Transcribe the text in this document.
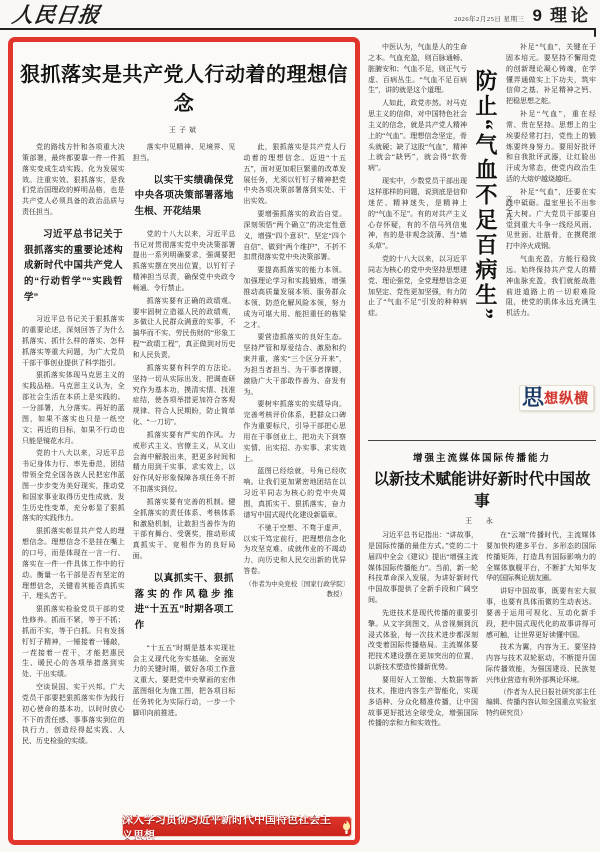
人民日报	2026年2月25日 星期三 9 理论
狠抓落实是共产党人行动着的理想信念
王子斌

党的路线方针和各项重大决策部署，最终都要靠一件一件抓落实变成生动实践、化为发展实效。注重实效、狠抓落实，是我们党治国理政的鲜明品格，也是共产党人必须具备的政治品质与责任担当。

习近平总书记关于狠抓落实的重要论述构成新时代中国共产党人的“行动哲学”“实践哲学”

习近平总书记关于狠抓落实的重要论述，深刻回答了为什么抓落实、抓什么样的落实、怎样抓落实等重大问题，为广大党员干部干事创业提供了科学指引。

狠抓落实体现马克思主义的实践品格。马克思主义认为，全部社会生活在本质上是实践的。一分部署，九分落实。再好的蓝图，如果不落实也只是一纸空文；再近的目标，如果不行动也只能是镜花水月。

党的十八大以来，习近平总书记身体力行、率先垂范，团结带领全党全国各族人民把宏伟蓝图一步步变为美好现实，推动党和国家事业取得历史性成就、发生历史性变革，充分彰显了狠抓落实的实践伟力。

狠抓落实彰显共产党人的理想信念。理想信念不是挂在嘴上的口号，而是体现在一言一行、落实在一件一件具体工作中的行动。衡量一名干部是否有坚定的理想信念，关键看其能否真抓实干、埋头苦干。

狠抓落实检验党员干部的党性修养。抓而不紧，等于不抓；抓而不实，等于白抓。只有发扬钉钉子精神，一锤接着一锤敲，一茬接着一茬干，才能把惠民生、暖民心的各项举措落到实处、干出实绩。

空谈误国、实干兴邦。广大党员干部要把狠抓落实作为践行初心使命的基本功，以时时放心不下的责任感、事事落实到位的执行力，创造经得起实践、人民、历史检验的实绩。

落实中见精神、见境界、见担当。

以实干实绩确保党中央各项决策部署落地生根、开花结果

党的十八大以来，习近平总书记对贯彻落实党中央决策部署提出一系列明确要求，强调要把抓落实摆在突出位置，以钉钉子精神担当尽责，确保党中央政令畅通、令行禁止。

抓落实要有正确的政绩观。要牢固树立造福人民的政绩观，多做让人民群众满意的实事，不搞华而不实、劳民伤财的“形象工程”“政绩工程”，真正做到对历史和人民负责。

抓落实要有科学的方法论。坚持一切从实际出发，把调查研究作为基本功，摸清实情、找准症结，使各项举措更加符合客观规律、符合人民期盼，防止简单化、“一刀切”。

抓落实要有严实的作风。力戒形式主义、官僚主义，从文山会海中解脱出来，把更多时间和精力用到干实事、求实效上，以好作风好形象保障各项任务不折不扣落实到位。

抓落实要有完善的机制。健全抓落实的责任体系、考核体系和激励机制，让敢担当善作为的干部有舞台、受褒奖，推动形成真抓实干、竞相作为的良好局面。

以真抓实干、狠抓落实的作风稳步推进“十五五”时期各项工作

“十五五”时期是基本实现社会主义现代化夯实基础、全面发力的关键时期，做好各项工作意义重大。要把党中央擘画的宏伟蓝图细化为施工图，把各项目标任务转化为实际行动，一步一个脚印向前推进。

此，狠抓落实是共产党人行动着的理想信念。迈进“十五五”，面对更加艰巨繁重的改革发展任务，尤须以钉钉子精神把党中央各项决策部署落到实处、干出实效。

要增强抓落实的政治自觉。深刻领悟“两个确立”的决定性意义，增强“四个意识”、坚定“四个自信”、做到“两个维护”，不折不扣贯彻落实党中央决策部署。

要提高抓落实的能力本领。加强理论学习和实践锻炼，增强推动高质量发展本领、服务群众本领、防范化解风险本领，努力成为可堪大用、能担重任的栋梁之才。

要营造抓落实的良好生态。坚持严管和厚爱结合、激励和约束并重，落实“三个区分开来”，为担当者担当、为干事者撑腰，激励广大干部敢作善为、奋发有为。

要树牢抓落实的实绩导向。完善考核评价体系，把群众口碑作为重要标尺，引导干部把心思用在干事创业上，把功夫下到察实情、出实招、办实事、求实效上。

蓝图已经绘就，号角已经吹响。让我们更加紧密地团结在以习近平同志为核心的党中央周围，真抓实干、狠抓落实，奋力谱写中国式现代化建设新篇章。

不驰于空想、不骛于虚声，以实干笃定前行，把理想信念化为攻坚克难、成就伟业的不竭动力，向历史和人民交出新的优异答卷。

（作者为中央党校〔国家行政学院〕教授）
深入学习贯彻习近平新时代中国特色社会主义思想

中医认为，气血是人的生命之本。气血充盈，则百脉通畅、脏腑安和；气血不足，则正气亏虚、百病丛生。“气血不足百病生”，讲的就是这个道理。

人如此，政党亦然。对马克思主义的信仰，对中国特色社会主义的信念，就是共产党人精神上的“气血”。理想信念坚定，骨头就硬；缺了这股“气血”，精神上就会“缺钙”，就会得“软骨病”。

现实中，少数党员干部出现这样那样的问题，说到底是信仰迷茫、精神迷失，是精神上的“气血不足”。有的对共产主义心存怀疑，有的不信马列信鬼神，有的是非观念淡薄、当“墙头草”。

党的十八大以来，以习近平同志为核心的党中央坚持思想建党、理论强党，全党理想信念更加坚定、党性更加坚强，有力防止了“气血不足”引发的种种病症。	防止“气血不足百病生”	文之凡

补足“气血”，关键在于固本培元。要坚持不懈用党的创新理论凝心铸魂，在学懂弄通做实上下功夫，筑牢信仰之基、补足精神之钙、把稳思想之舵。

补足“气血”，重在经常、贵在坚持。思想上的尘埃要经常打扫，党性上的锻炼要终身努力。要用好批评和自我批评武器，让红脸出汗成为常态，使党内政治生活的大熔炉越烧越旺。

补足“气血”，还要在实践中砥砺。温室里长不出参天大树。广大党员干部要自觉到重大斗争一线经风雨、见世面、壮筋骨，在摸爬滚打中淬火成钢。

气血充盈，方能行稳致远。始终保持共产党人的精神血脉充盈，我们就能战胜前进道路上的一切艰难险阻，使党的肌体永远充满生机活力。

思 想纵横
增强主流媒体国际传播能力
以新技术赋能讲好新时代中国故事
王 永

习近平总书记指出：“讲故事，是国际传播的最佳方式。”党的二十届四中全会《建议》提出“增强主流媒体国际传播能力”。当前，新一轮科技革命深入发展，为讲好新时代中国故事提供了全新手段和广阔空间。

先进技术是现代传播的重要引擎。从文字到图文，从音视频到沉浸式体验，每一次技术进步都深刻改变着国际传播格局。主流媒体要把技术建设摆在更加突出的位置，以新技术塑造传播新优势。

要用好人工智能、大数据等新技术，推进内容生产智能化，实现多语种、分众化精准传播，让中国故事更好抵达全球受众，增强国际传播的亲和力和实效性。

在“云端”传播时代，主流媒体要加快构建多平台、多形态的国际传播矩阵，打造具有国际影响力的全媒体旗舰平台，不断扩大知华友华的国际舆论朋友圈。

讲好中国故事，既要有宏大叙事，也要有具体而微的生动表达。要善于运用可视化、互动化新手段，把中国式现代化的故事讲得可感可触，让世界更好读懂中国。

技术为翼，内容为王。要坚持内容与技术双轮驱动，不断提升国际传播效能，为强国建设、民族复兴伟业营造有利外部舆论环境。

（作者为人民日报社研究部主任编辑、传播内容认知全国重点实验室特约研究员）
